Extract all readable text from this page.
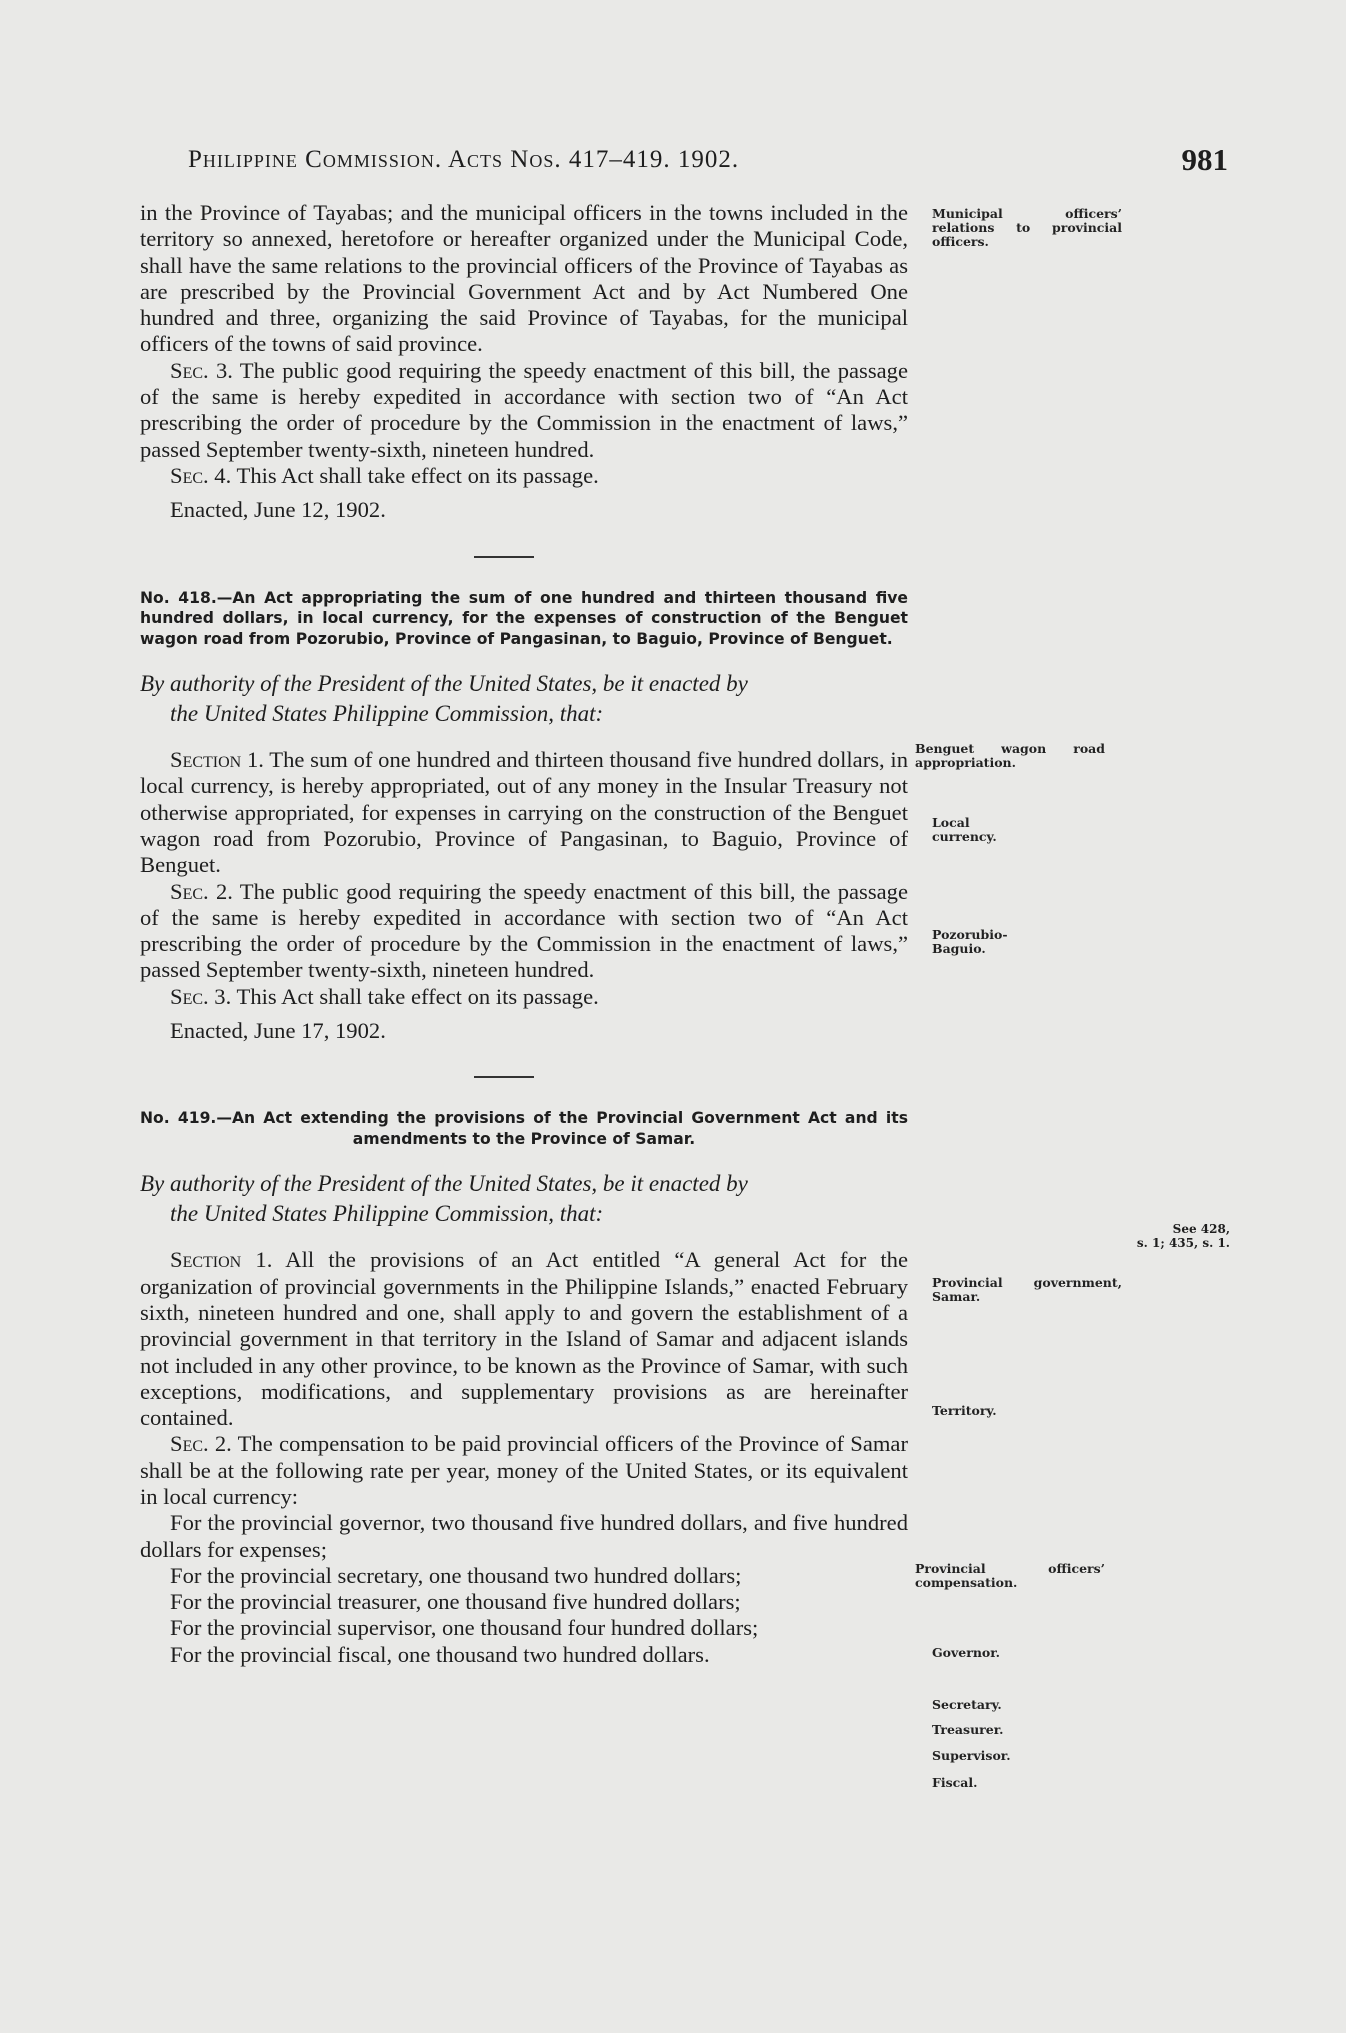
Philippine Commission. Acts Nos. 417–419. 1902.	981

in the Province of Tayabas; and the municipal officers in the towns included in the territory so annexed, heretofore or hereafter organized under the Municipal Code, shall have the same relations to the provincial officers of the Province of Tayabas as are prescribed by the Provincial Government Act and by Act Numbered One hundred and three, organizing the said Province of Tayabas, for the municipal officers of the towns of said province.

Sec. 3. The public good requiring the speedy enactment of this bill, the passage of the same is hereby expedited in accordance with section two of “An Act prescribing the order of procedure by the Commission in the enactment of laws,” passed September twenty-sixth, nineteen hundred.

Sec. 4. This Act shall take effect on its passage.

Enacted, June 12, 1902.

No. 418.—An Act appropriating the sum of one hundred and thirteen thousand five hundred dollars, in local currency, for the expenses of construction of the Benguet wagon road from Pozorubio, Province of Pangasinan, to Baguio, Province of Benguet.

By authority of the President of the United States, be it enacted by
the United States Philippine Commission, that:

Section 1. The sum of one hundred and thirteen thousand five hundred dollars, in local currency, is hereby appropriated, out of any money in the Insular Treasury not otherwise appropriated, for expenses in carrying on the construction of the Benguet wagon road from Pozorubio, Province of Pangasinan, to Baguio, Province of Benguet.

Sec. 2. The public good requiring the speedy enactment of this bill, the passage of the same is hereby expedited in accordance with section two of “An Act prescribing the order of procedure by the Commission in the enactment of laws,” passed September twenty-sixth, nineteen hundred.

Sec. 3. This Act shall take effect on its passage.

Enacted, June 17, 1902.

No. 419.—An Act extending the provisions of the Provincial Government Act and its amendments to the Province of Samar.

By authority of the President of the United States, be it enacted by
the United States Philippine Commission, that:

Section 1. All the provisions of an Act entitled “A general Act for the organization of provincial governments in the Philippine Islands,” enacted February sixth, nineteen hundred and one, shall apply to and govern the establishment of a provincial government in that territory in the Island of Samar and adjacent islands not included in any other province, to be known as the Province of Samar, with such exceptions, modifications, and supplementary provisions as are hereinafter contained.

Sec. 2. The compensation to be paid provincial officers of the Province of Samar shall be at the following rate per year, money of the United States, or its equivalent in local currency:

For the provincial governor, two thousand five hundred dollars, and five hundred dollars for expenses;

For the provincial secretary, one thousand two hundred dollars;

For the provincial treasurer, one thousand five hundred dollars;

For the provincial supervisor, one thousand four hundred dollars;

For the provincial fiscal, one thousand two hundred dollars.

Municipal officers’ relations to provincial officers.
Benguet wagon road appropriation.
Local currency.
Pozorubio-Baguio.
Provincial government, Samar.
Territory.
Provincial officers’ compensation.
Governor.
Secretary.
Treasurer.
Supervisor.
Fiscal.
See 428,
s. 1; 435, s. 1.
